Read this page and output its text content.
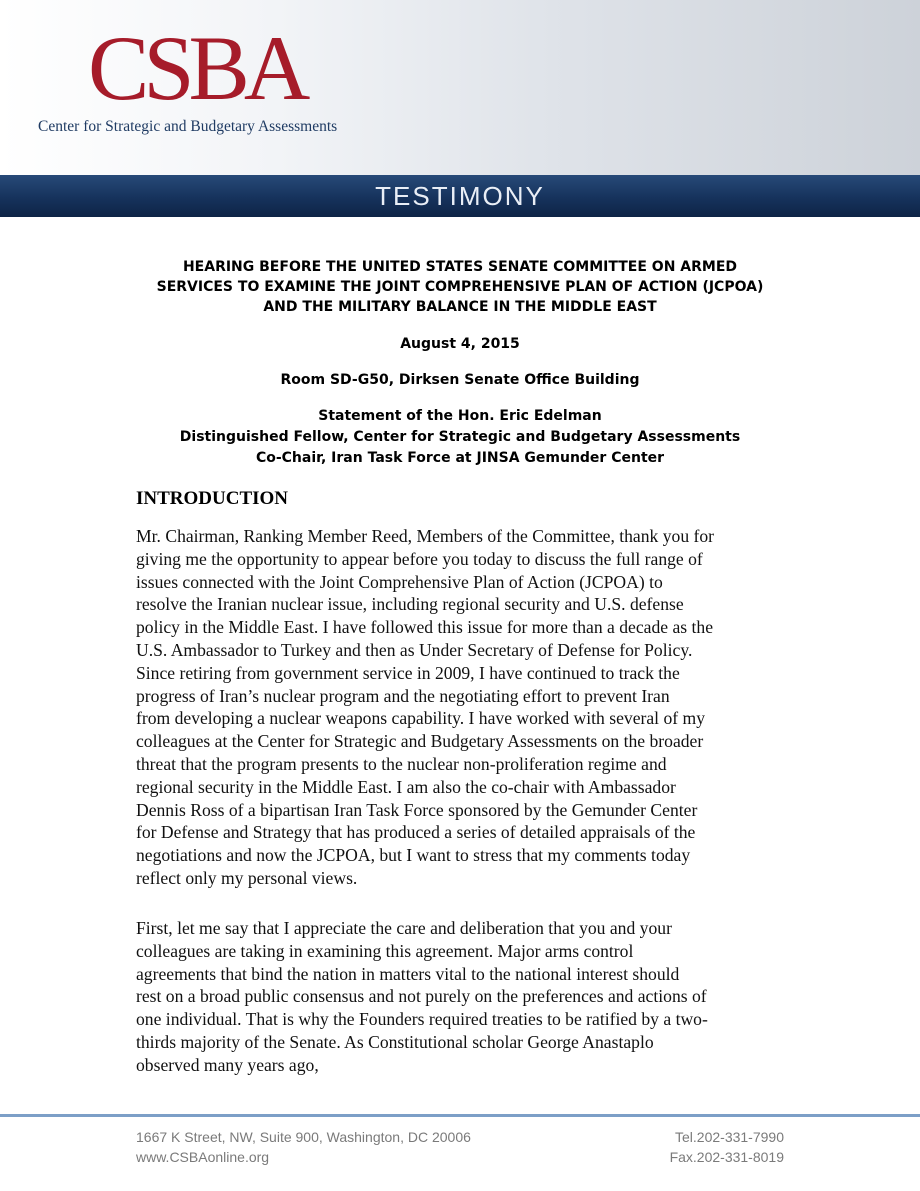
CSBA
Center for Strategic and Budgetary Assessments
TESTIMONY
HEARING BEFORE THE UNITED STATES SENATE COMMITTEE ON ARMED
SERVICES TO EXAMINE THE JOINT COMPREHENSIVE PLAN OF ACTION (JCPOA)
AND THE MILITARY BALANCE IN THE MIDDLE EAST
August 4, 2015
Room SD-G50, Dirksen Senate Office Building
Statement of the Hon. Eric Edelman
Distinguished Fellow, Center for Strategic and Budgetary Assessments
Co-Chair, Iran Task Force at JINSA Gemunder Center
INTRODUCTION
Mr. Chairman, Ranking Member Reed, Members of the Committee, thank you for
giving me the opportunity to appear before you today to discuss the full range of
issues connected with the Joint Comprehensive Plan of Action (JCPOA) to
resolve the Iranian nuclear issue, including regional security and U.S. defense
policy in the Middle East. I have followed this issue for more than a decade as the
U.S. Ambassador to Turkey and then as Under Secretary of Defense for Policy.
Since retiring from government service in 2009, I have continued to track the
progress of Iran’s nuclear program and the negotiating effort to prevent Iran
from developing a nuclear weapons capability. I have worked with several of my
colleagues at the Center for Strategic and Budgetary Assessments on the broader
threat that the program presents to the nuclear non-proliferation regime and
regional security in the Middle East. I am also the co-chair with Ambassador
Dennis Ross of a bipartisan Iran Task Force sponsored by the Gemunder Center
for Defense and Strategy that has produced a series of detailed appraisals of the
negotiations and now the JCPOA, but I want to stress that my comments today
reflect only my personal views.
First, let me say that I appreciate the care and deliberation that you and your
colleagues are taking in examining this agreement. Major arms control
agreements that bind the nation in matters vital to the national interest should
rest on a broad public consensus and not purely on the preferences and actions of
one individual. That is why the Founders required treaties to be ratified by a two-
thirds majority of the Senate. As Constitutional scholar George Anastaplo
observed many years ago,
1667 K Street, NW, Suite 900, Washington, DC 20006
www.CSBAonline.org
Tel.202-331-7990
Fax.202-331-8019
